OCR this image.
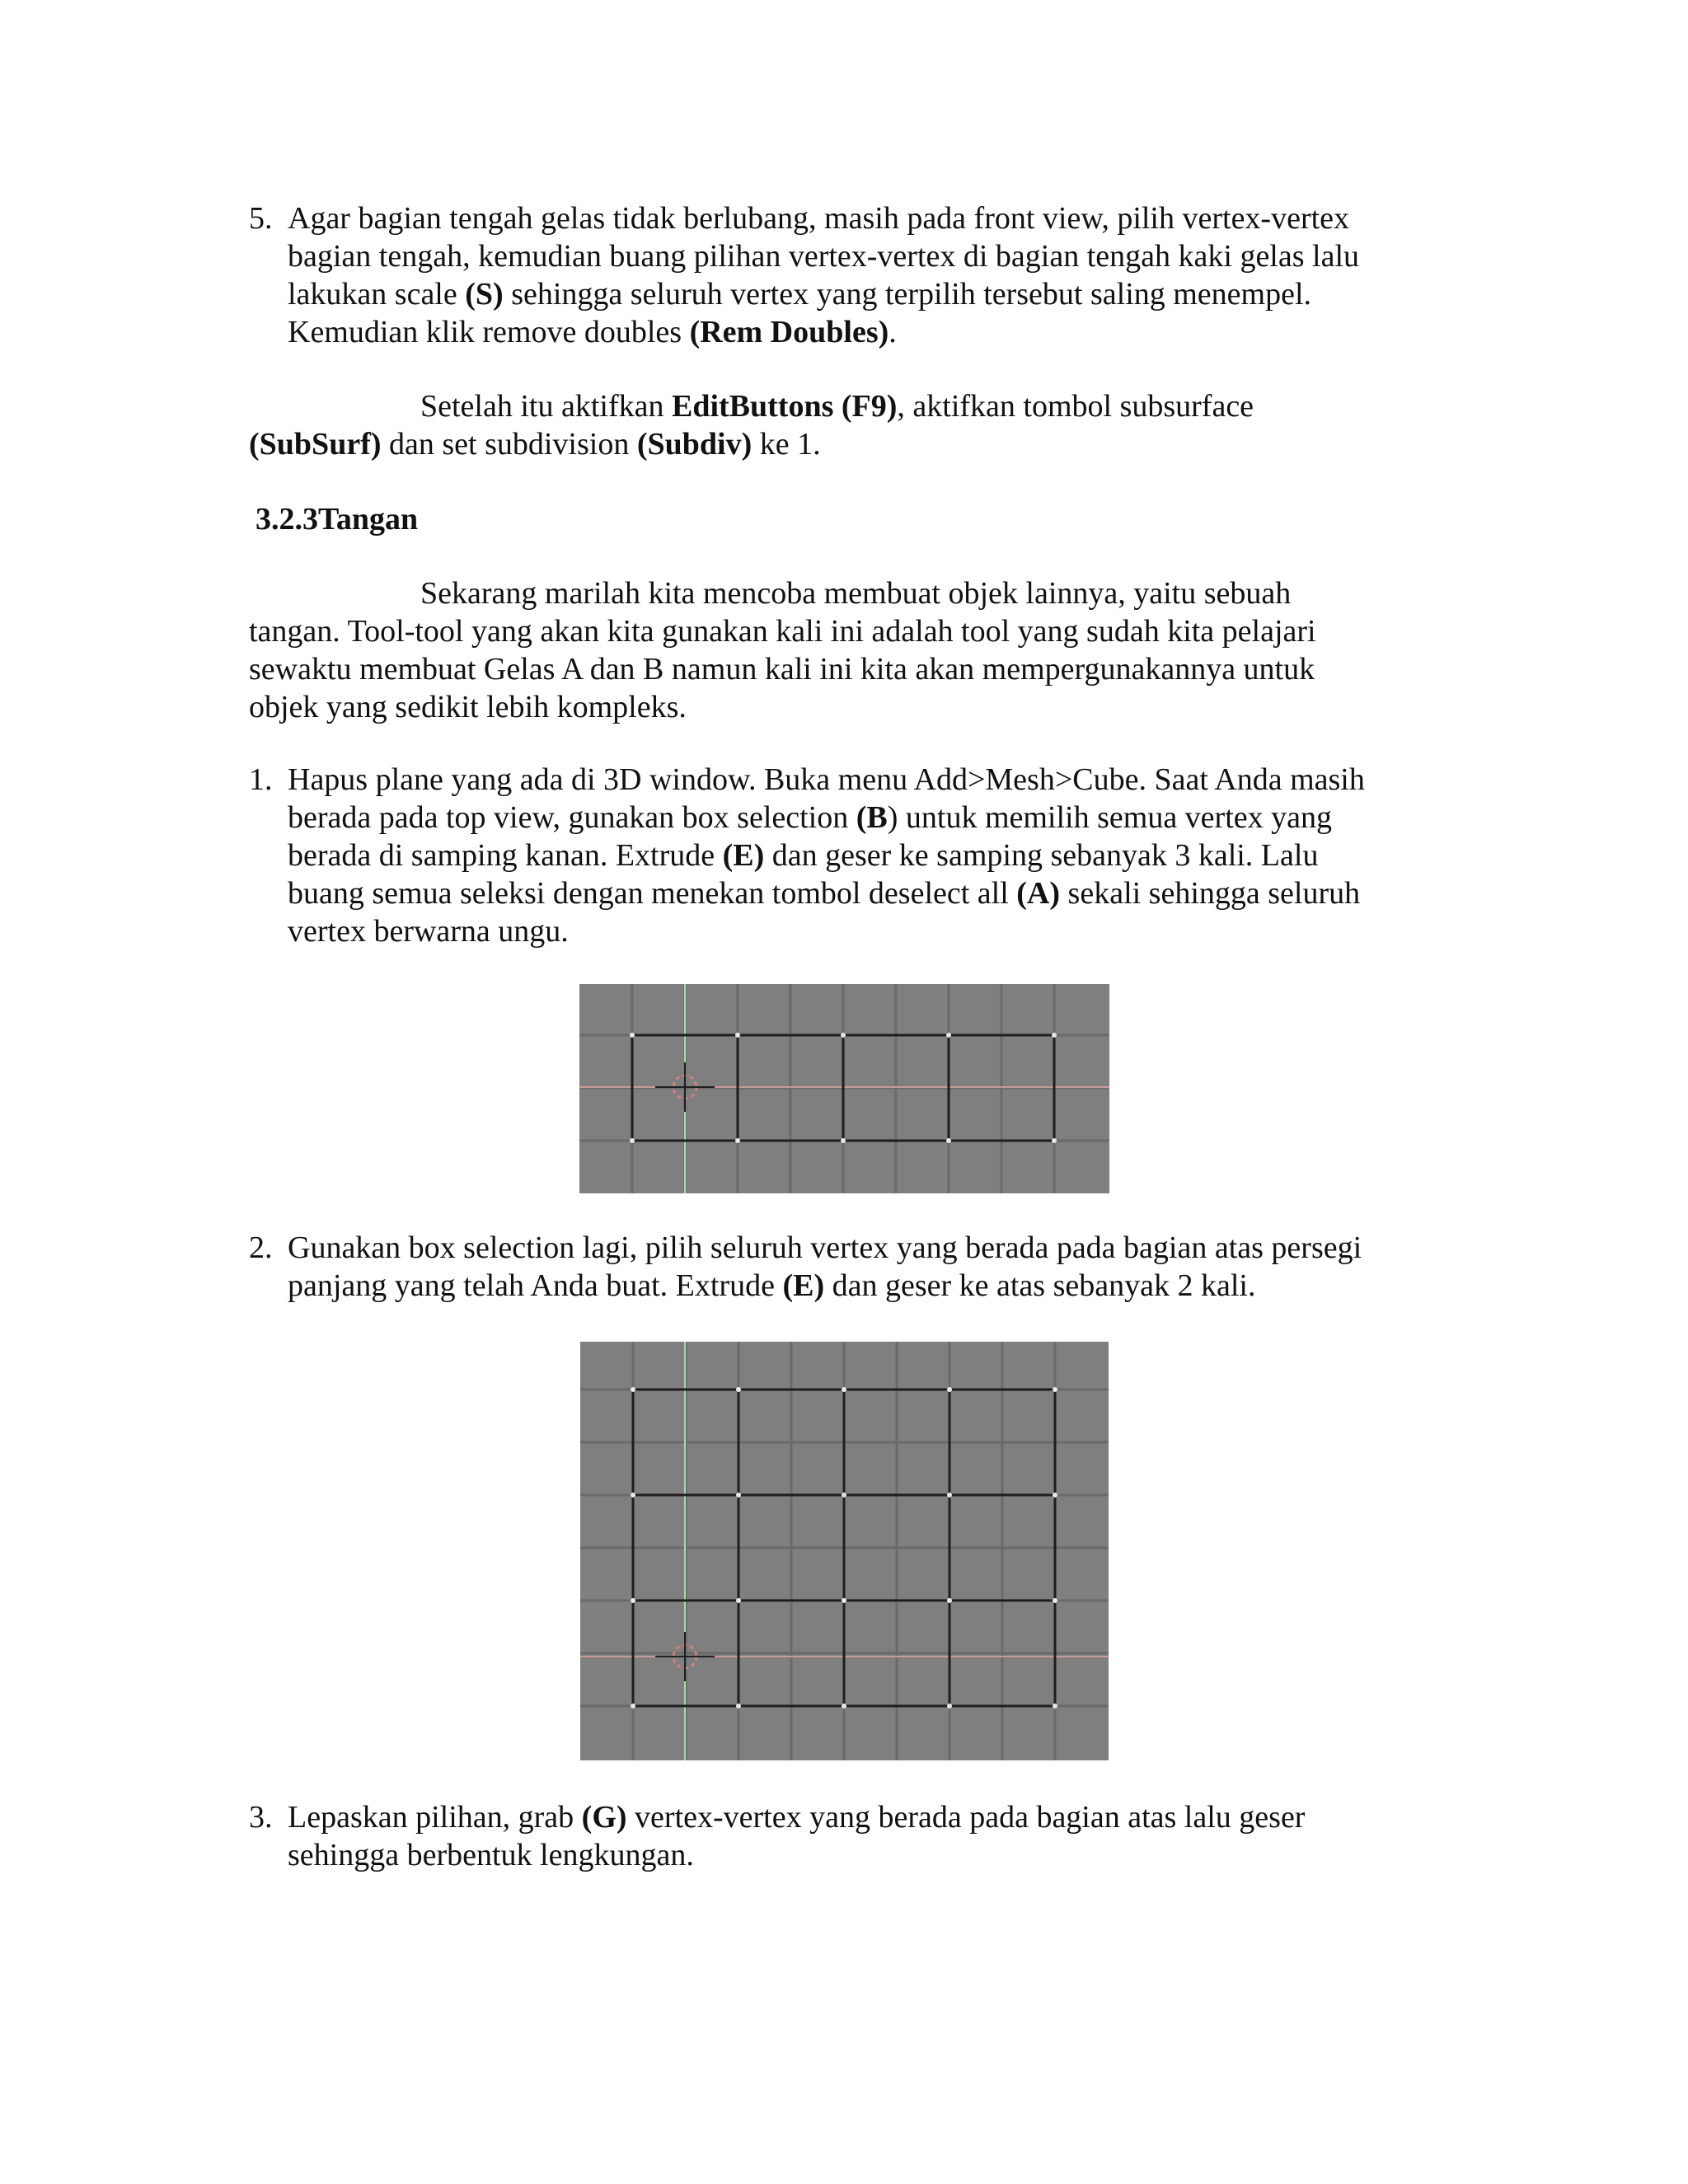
5. Agar bagian tengah gelas tidak berlubang, masih pada front view, pilih vertex-vertex
bagian tengah, kemudian buang pilihan vertex-vertex di bagian tengah kaki gelas lalu
lakukan scale (S) sehingga seluruh vertex yang terpilih tersebut saling menempel.
Kemudian klik remove doubles (Rem Doubles).
Setelah itu aktifkan EditButtons (F9), aktifkan tombol subsurface
(SubSurf) dan set subdivision (Subdiv) ke 1.
3.2.3Tangan
Sekarang marilah kita mencoba membuat objek lainnya, yaitu sebuah
tangan. Tool-tool yang akan kita gunakan kali ini adalah tool yang sudah kita pelajari
sewaktu membuat Gelas A dan B namun kali ini kita akan mempergunakannya untuk
objek yang sedikit lebih kompleks.
1. Hapus plane yang ada di 3D window. Buka menu Add>Mesh>Cube. Saat Anda masih
berada pada top view, gunakan box selection (B) untuk memilih semua vertex yang
berada di samping kanan. Extrude (E) dan geser ke samping sebanyak 3 kali. Lalu
buang semua seleksi dengan menekan tombol deselect all (A) sekali sehingga seluruh
vertex berwarna ungu.
2. Gunakan box selection lagi, pilih seluruh vertex yang berada pada bagian atas persegi
panjang yang telah Anda buat. Extrude (E) dan geser ke atas sebanyak 2 kali.
3. Lepaskan pilihan, grab (G) vertex-vertex yang berada pada bagian atas lalu geser
sehingga berbentuk lengkungan.
